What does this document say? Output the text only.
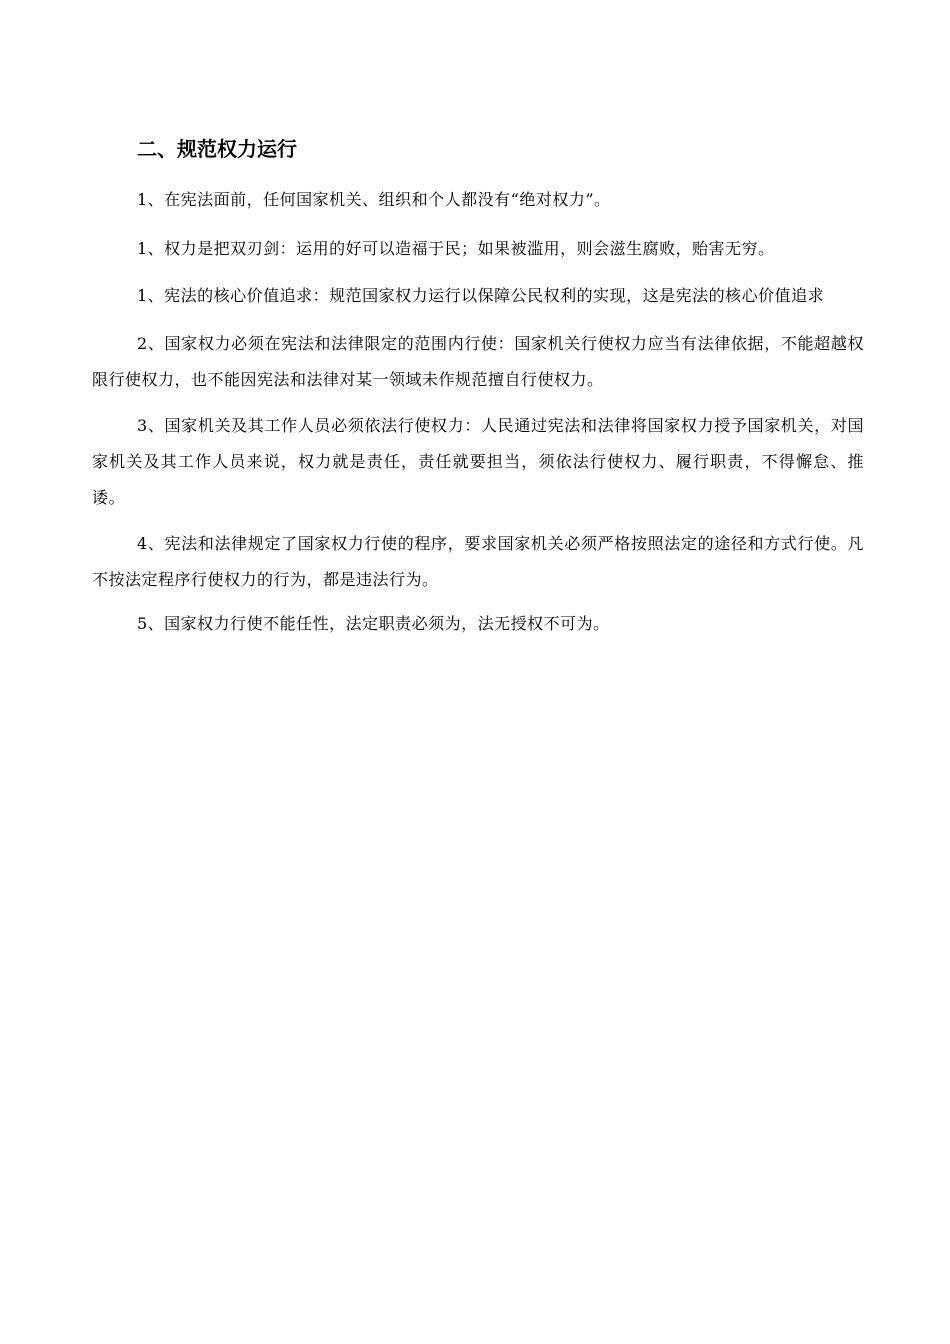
二、规范权力运行

1、在宪法面前，任何国家机关、组织和个人都没有“绝对权力”。

1、权力是把双刃剑：运用的好可以造福于民；如果被滥用，则会滋生腐败，贻害无穷。

1、宪法的核心价值追求：规范国家权力运行以保障公民权利的实现，这是宪法的核心价值追求

2、国家权力必须在宪法和法律限定的范围内行使：国家机关行使权力应当有法律依据，不能超越权限行使权力，也不能因宪法和法律对某一领域未作规范擅自行使权力。

3、国家机关及其工作人员必须依法行使权力：人民通过宪法和法律将国家权力授予国家机关，对国家机关及其工作人员来说，权力就是责任，责任就要担当，须依法行使权力、履行职责，不得懈怠、推诿。

4、宪法和法律规定了国家权力行使的程序，要求国家机关必须严格按照法定的途径和方式行使。凡不按法定程序行使权力的行为，都是违法行为。

5、国家权力行使不能任性，法定职责必须为，法无授权不可为。
